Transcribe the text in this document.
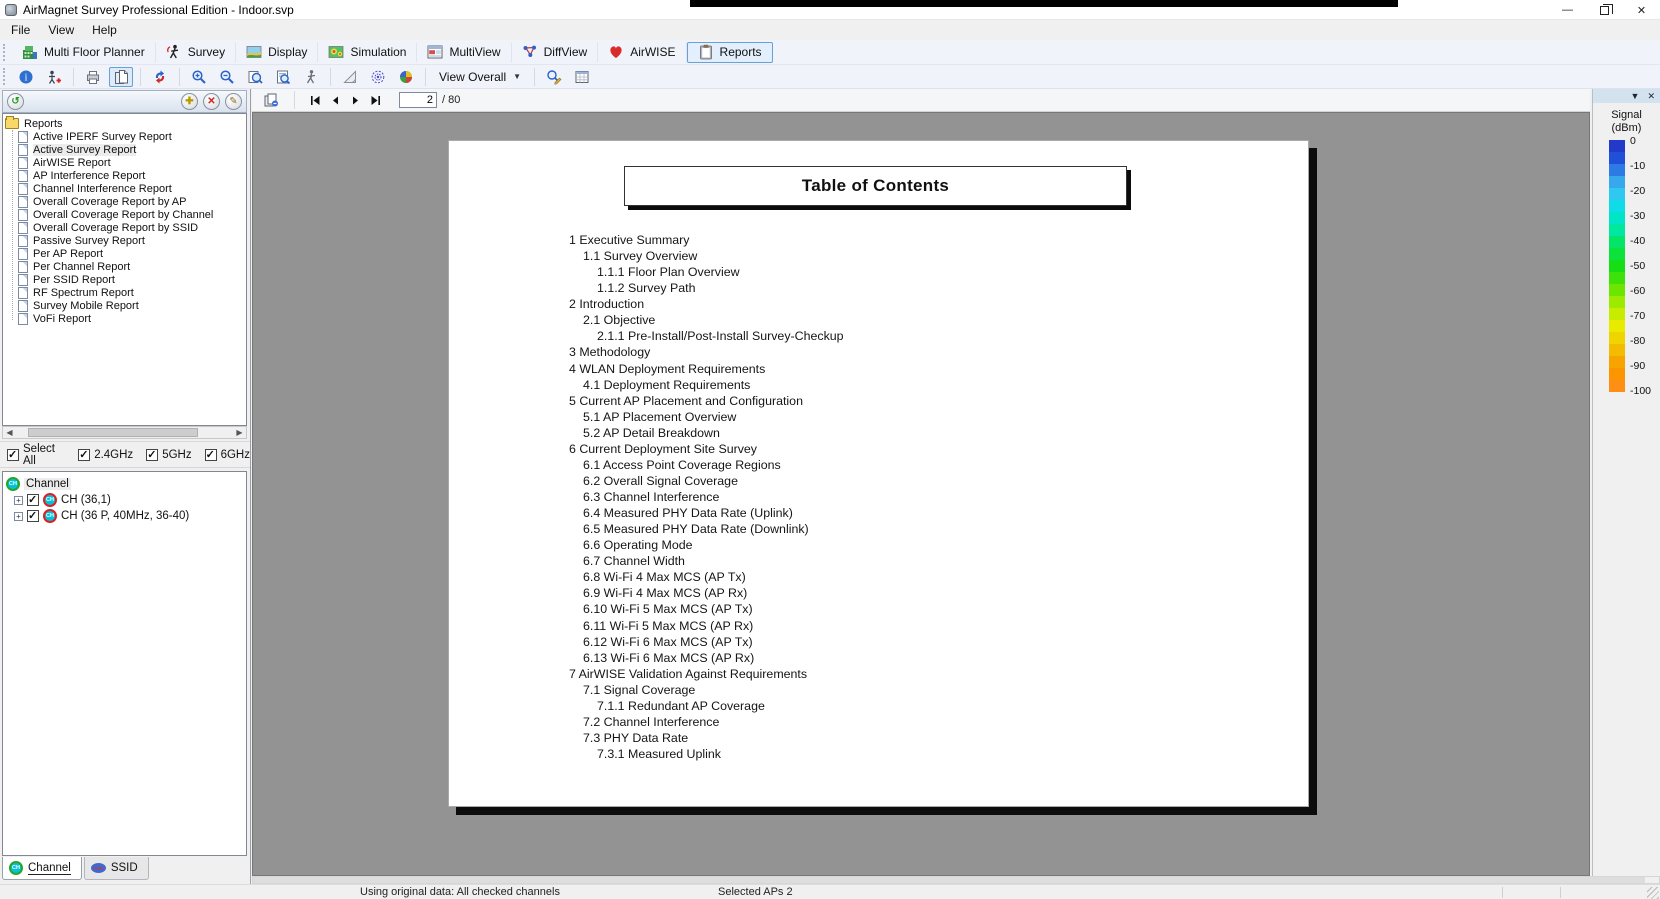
AirMagnet Survey Professional Edition - Indoor.svp	—	✕
File	View	Help
Multi Floor Planner	Survey	Display	Simulation	MultiView	DiffView	AirWISE	Reports
i	View Overall ▼
↺	✚ ✕ ✎
Reports
Active IPERF Survey Report
Active Survey Report
AirWISE Report
AP Interference Report
Channel Interference Report
Overall Coverage Report by AP
Overall Coverage Report by Channel
Overall Coverage Report by SSID
Passive Survey Report
Per AP Report
Per Channel Report
Per SSID Report
RF Spectrum Report
Survey Mobile Report
VoFi Report
◀	▶
✓
Select All ✓	2.4GHz ✓	5GHz ✓	6GHz
CH Channel
+ ✓	CH CH (36,1)
+ ✓	CH CH (36 P, 40MHz, 36-40)
CH Channel	SSID SSID
2
/ 80
Table of Contents
1 Executive Summary
1.1 Survey Overview
1.1.1 Floor Plan Overview
1.1.2 Survey Path
2 Introduction
2.1 Objective
2.1.1 Pre-Install/Post-Install Survey-Checkup
3 Methodology
4 WLAN Deployment Requirements
4.1 Deployment Requirements
5 Current AP Placement and Configuration
5.1 AP Placement Overview
5.2 AP Detail Breakdown
6 Current Deployment Site Survey
6.1 Access Point Coverage Regions
6.2 Overall Signal Coverage
6.3 Channel Interference
6.4 Measured PHY Data Rate (Uplink)
6.5 Measured PHY Data Rate (Downlink)
6.6 Operating Mode
6.7 Channel Width
6.8 Wi-Fi 4 Max MCS (AP Tx)
6.9 Wi-Fi 4 Max MCS (AP Rx)
6.10 Wi-Fi 5 Max MCS (AP Tx)
6.11 Wi-Fi 5 Max MCS (AP Rx)
6.12 Wi-Fi 6 Max MCS (AP Tx)
6.13 Wi-Fi 6 Max MCS (AP Rx)
7 AirWISE Validation Against Requirements
7.1 Signal Coverage
7.1.1 Redundant AP Coverage
7.2 Channel Interference
7.3 PHY Data Rate
7.3.1 Measured Uplink
▼ ✕
Signal
(dBm)
0
-10
-20
-30
-40
-50
-60
-70
-80
-90
-100
Using original data: All checked channels	Selected APs 2
